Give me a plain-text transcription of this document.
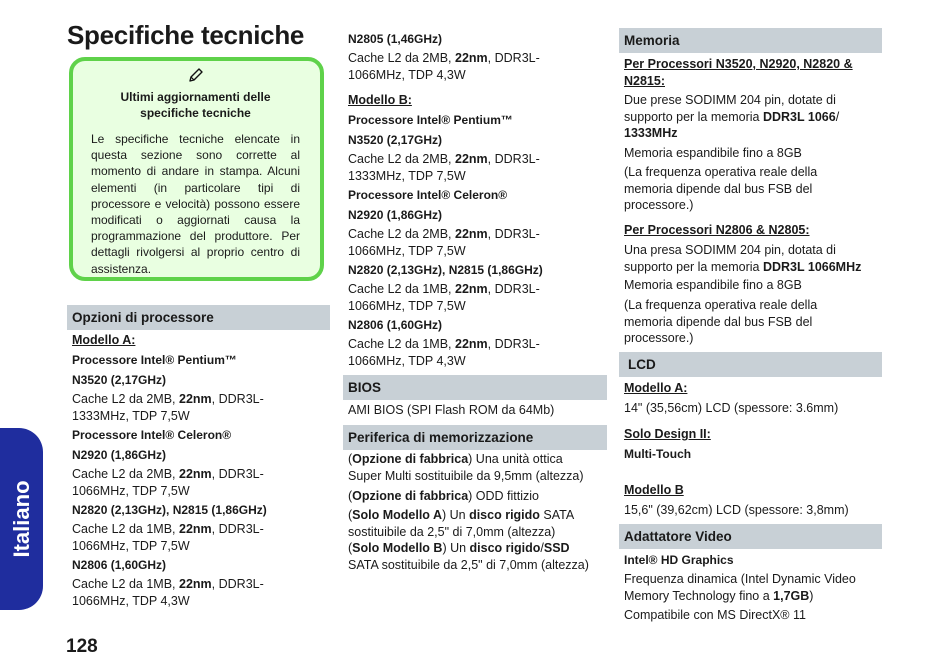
Specifiche tecniche
Ultimi aggiornamenti delle
specifiche tecniche
Le specifiche tecniche elencate in questa sezione sono corrette al momento di andare in stampa. Alcuni elementi (in particolare tipi di processore e velocità) possono essere modificati o aggiornati causa la programmazione del produttore. Per dettagli rivolgersi al proprio centro di assistenza.
Opzioni di processore

Modello A:

Processore Intel® Pentium™

N3520 (2,17GHz)

Cache L2 da 2MB, 22nm, DDR3L-
1333MHz, TDP 7,5W

Processore Intel® Celeron®

N2920 (1,86GHz)

Cache L2 da 2MB, 22nm, DDR3L-
1066MHz, TDP 7,5W

N2820 (2,13GHz), N2815 (1,86GHz)

Cache L2 da 1MB, 22nm, DDR3L-
1066MHz, TDP 7,5W

N2806 (1,60GHz)

Cache L2 da 1MB, 22nm, DDR3L-
1066MHz, TDP 4,3W

N2805 (1,46GHz)

Cache L2 da 2MB, 22nm, DDR3L-
1066MHz, TDP 4,3W

Modello B:

Processore Intel® Pentium™

N3520 (2,17GHz)

Cache L2 da 2MB, 22nm, DDR3L-
1333MHz, TDP 7,5W

Processore Intel® Celeron®

N2920 (1,86GHz)

Cache L2 da 2MB, 22nm, DDR3L-
1066MHz, TDP 7,5W

N2820 (2,13GHz), N2815 (1,86GHz)

Cache L2 da 1MB, 22nm, DDR3L-
1066MHz, TDP 7,5W

N2806 (1,60GHz)

Cache L2 da 1MB, 22nm, DDR3L-
1066MHz, TDP 4,3W

BIOS

AMI BIOS (SPI Flash ROM da 64Mb)

Periferica di memorizzazione

(Opzione di fabbrica) Una unità ottica
Super Multi sostituibile da 9,5mm (altezza)

(Opzione di fabbrica) ODD fittizio

(Solo Modello A) Un disco rigido SATA
sostituibile da 2,5" di 7,0mm (altezza)

(Solo Modello B) Un disco rigido/SSD
SATA sostituibile da 2,5" di 7,0mm (altezza)

Memoria

Per Processori N3520, N2920, N2820 &
N2815:

Due prese SODIMM 204 pin, dotate di
supporto per la memoria DDR3L 1066/
1333MHz

Memoria espandibile fino a 8GB

(La frequenza operativa reale della
memoria dipende dal bus FSB del
processore.)

Per Processori N2806 & N2805:

Una presa SODIMM 204 pin, dotata di
supporto per la memoria DDR3L 1066MHz

Memoria espandibile fino a 8GB

(La frequenza operativa reale della
memoria dipende dal bus FSB del
processore.)

LCD

Modello A:

14" (35,56cm) LCD (spessore: 3.6mm)

Solo Design II:

Multi-Touch

Modello B

15,6" (39,62cm) LCD (spessore: 3,8mm)

Adattatore Video

Intel® HD Graphics

Frequenza dinamica (Intel Dynamic Video
Memory Technology fino a 1,7GB)

Compatibile con MS DirectX® 11

Italiano
128
